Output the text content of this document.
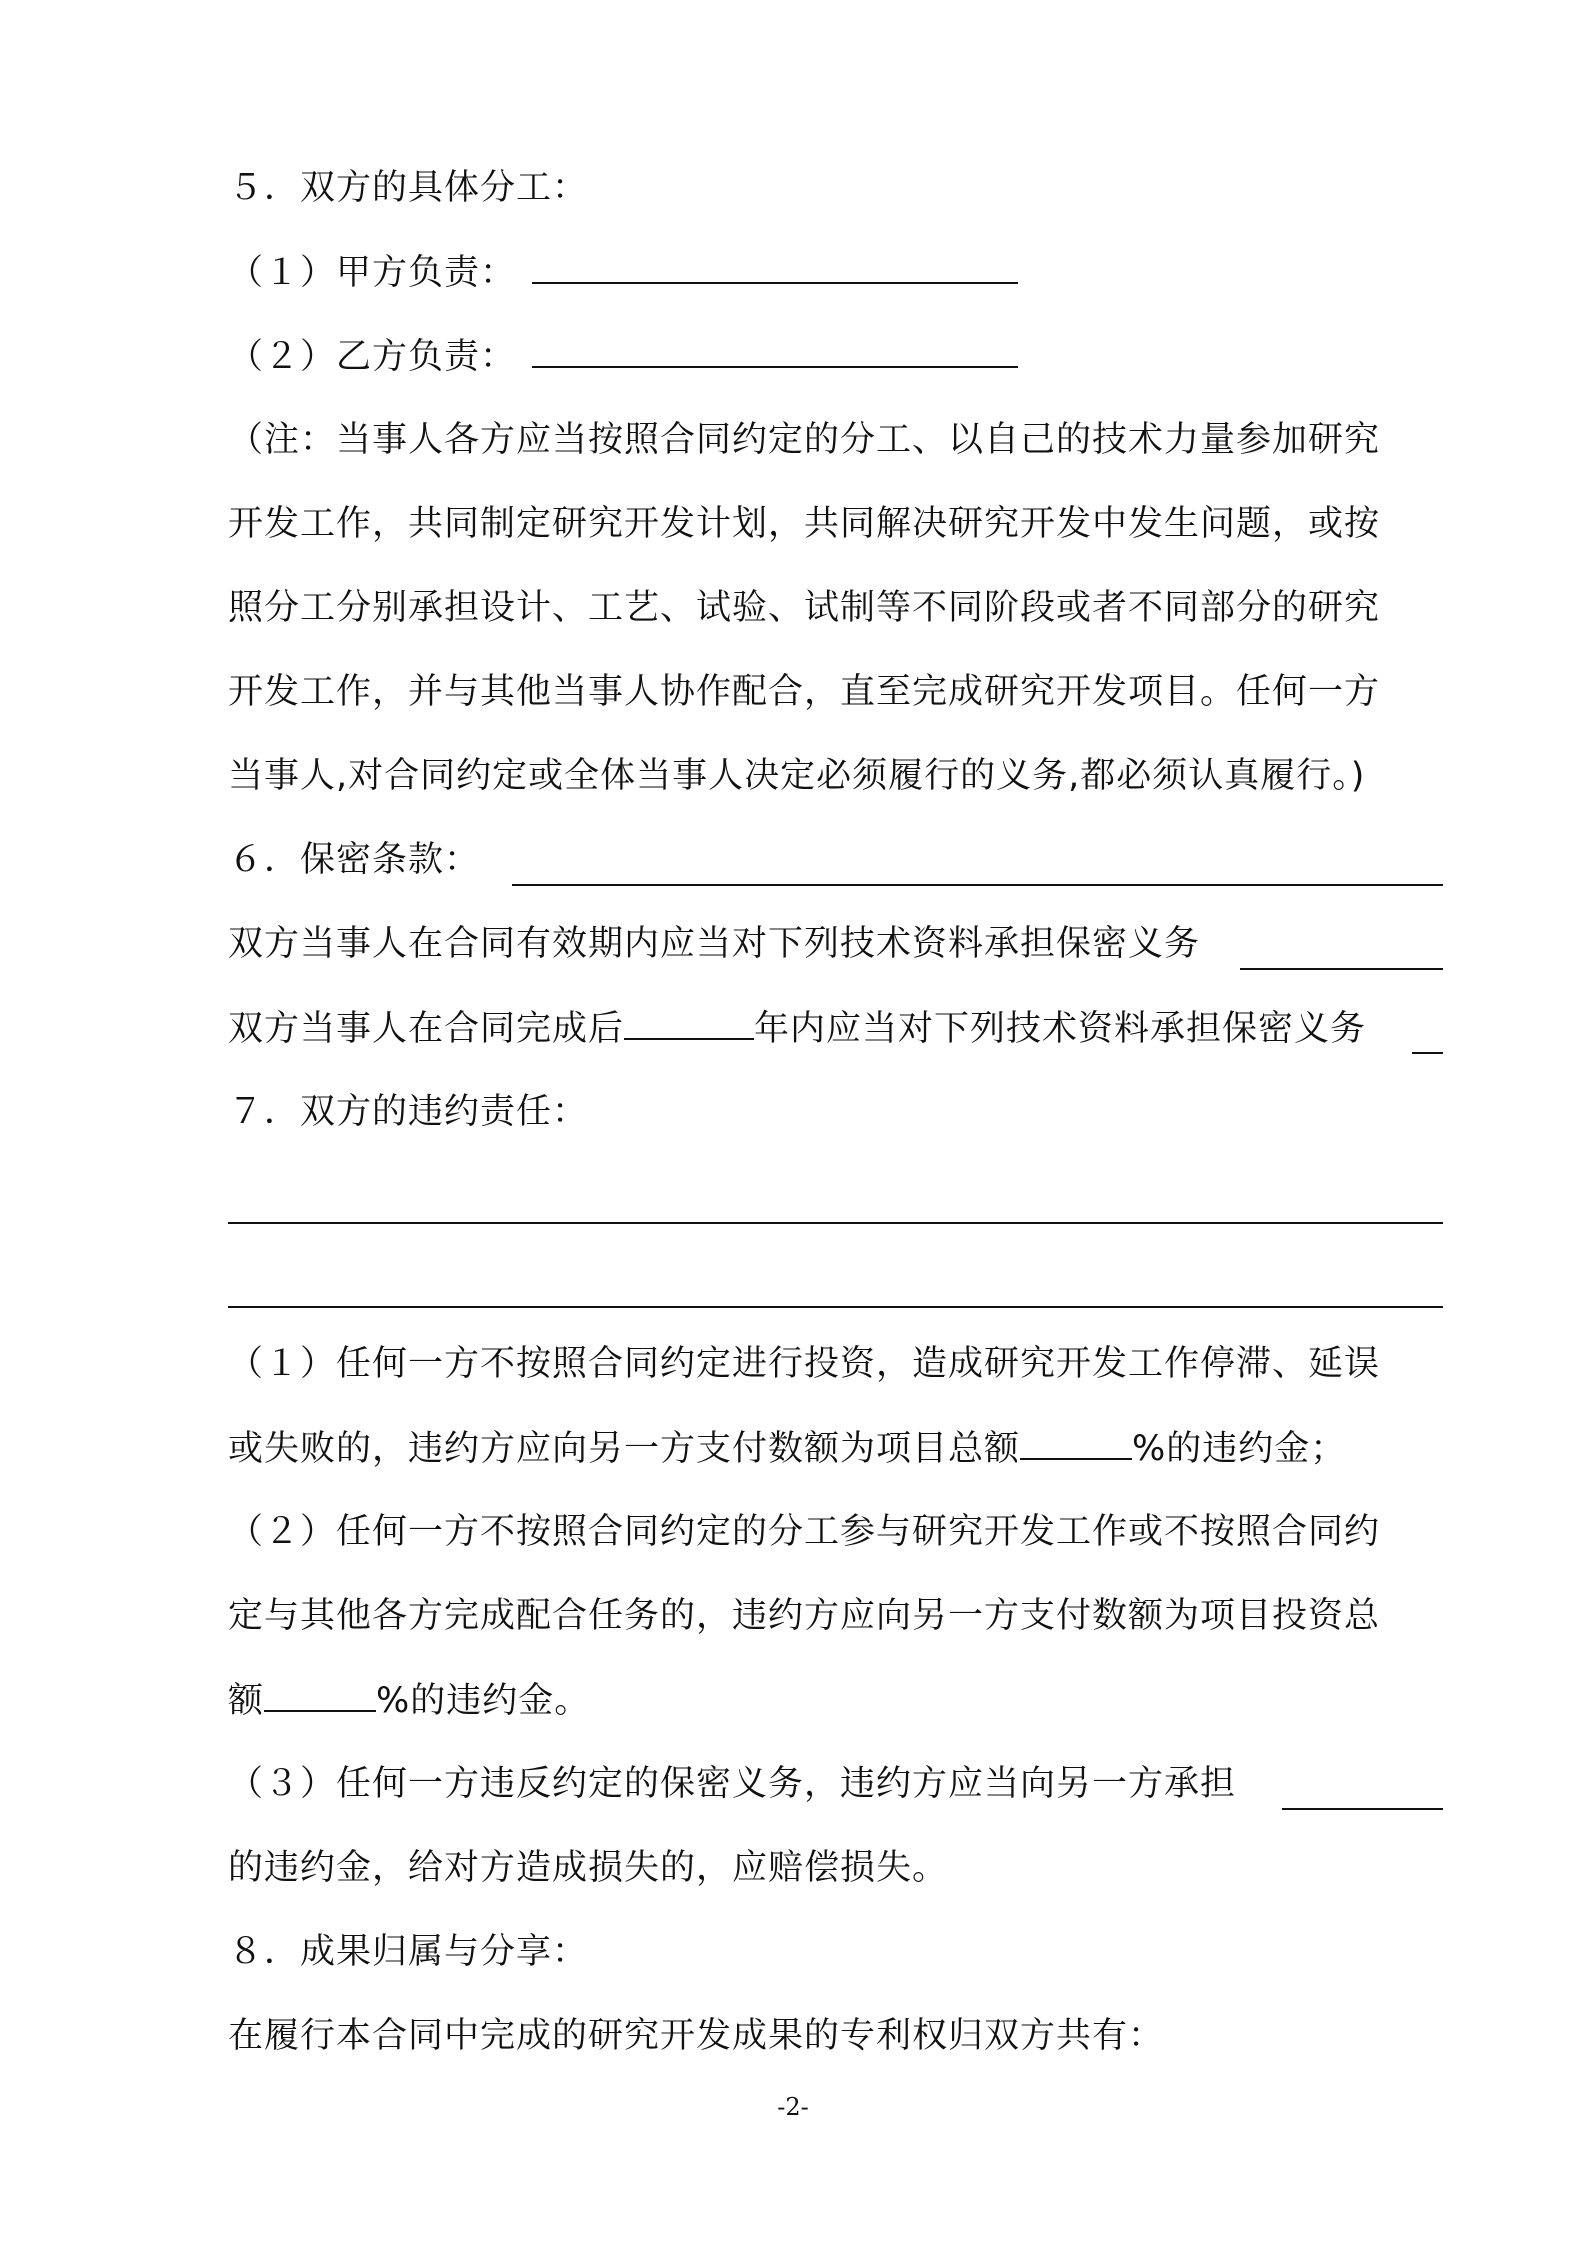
５．双方的具体分工：
（１）甲方负责：
（２）乙方负责：
（注：当事人各方应当按照合同约定的分工、以自己的技术力量参加研究
开发工作，共同制定研究开发计划，共同解决研究开发中发生问题，或按
照分工分别承担设计、工艺、试验、试制等不同阶段或者不同部分的研究
开发工作，并与其他当事人协作配合，直至完成研究开发项目。任何一方
当事人,对合同约定或全体当事人决定必须履行的义务,都必须认真履行。)
６．保密条款：
双方当事人在合同有效期内应当对下列技术资料承担保密义务
双方当事人在合同完成后	年内应当对下列技术资料承担保密义务
７．双方的违约责任：
（１）任何一方不按照合同约定进行投资，造成研究开发工作停滞、延误
或失败的，违约方应向另一方支付数额为项目总额	%的违约金；
（２）任何一方不按照合同约定的分工参与研究开发工作或不按照合同约
定与其他各方完成配合任务的，违约方应向另一方支付数额为项目投资总
额	%的违约金。
（３）任何一方违反约定的保密义务，违约方应当向另一方承担
的违约金，给对方造成损失的，应赔偿损失。
８．成果归属与分享：
在履行本合同中完成的研究开发成果的专利权归双方共有：
-2-
